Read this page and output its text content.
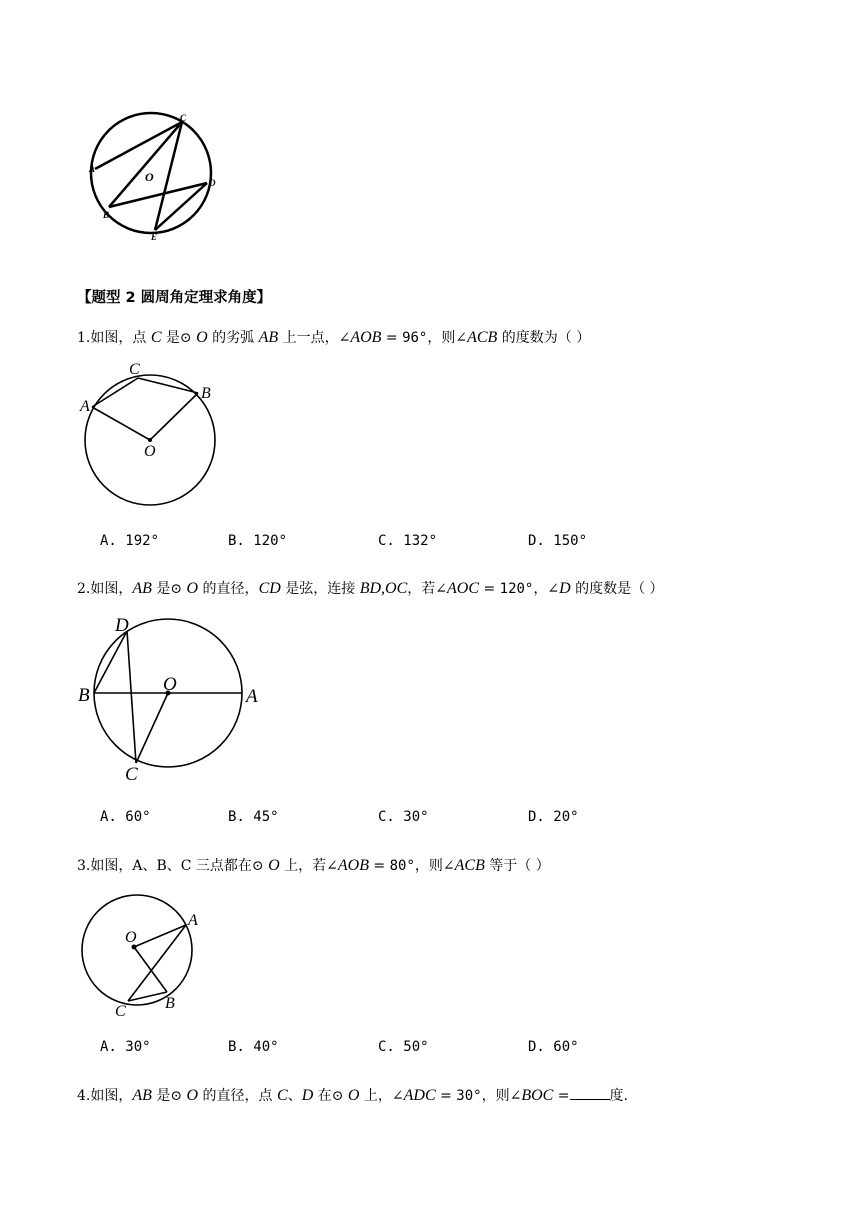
C
A
O	D
B
E
【题型 2 圆周角定理求角度】
1.如图，点 C 是⊙ O 的劣弧 AB 上一点，∠AOB = 96°，则∠ACB 的度数为（ ）
C
B
A
O
A. 192°	B. 120°	C. 132°	D. 150°
2.如图，AB 是⊙ O 的直径，CD 是弦，连接 BD,OC，若∠AOC = 120°，∠D 的度数是（ ）
D
B
O
A
C
A. 60°	B. 45°	C. 30°	D. 20°
3.如图，A、B、C 三点都在⊙ O 上，若∠AOB = 80°，则∠ACB 等于（ ）
O
A
B
C
A. 30°	B. 40°	C. 50°	D. 60°
4.如图，AB 是⊙ O 的直径，点 C、D 在⊙ O 上，∠ADC = 30°，则∠BOC =	度.
